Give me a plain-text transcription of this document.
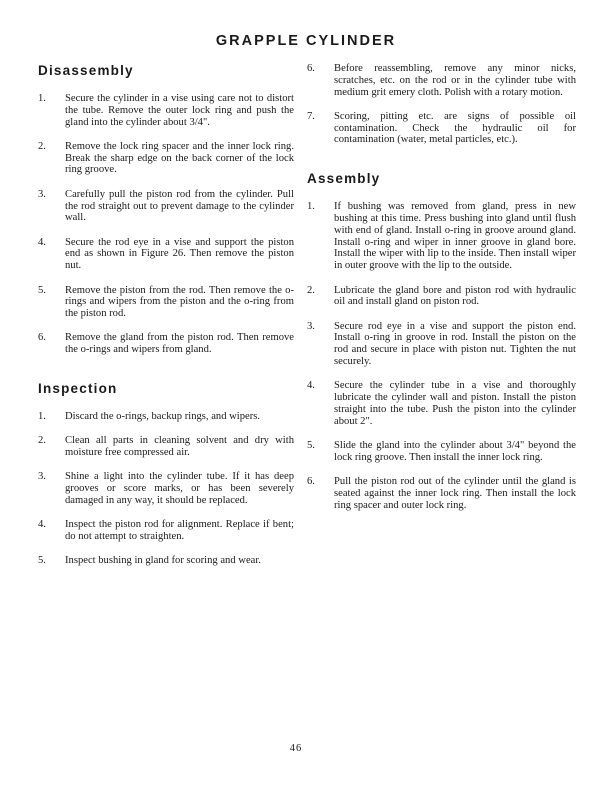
GRAPPLE CYLINDER
Disassembly
1.	Secure the cylinder in a vise using care not to distort the tube. Remove the outer lock ring and push the gland into the cylinder about 3/4".

2.	Remove the lock ring spacer and the inner lock ring. Break the sharp edge on the back corner of the lock ring groove.

3.	Carefully pull the piston rod from the cylinder. Pull the rod straight out to prevent damage to the cylinder wall.

4.	Secure the rod eye in a vise and support the piston end as shown in Figure 26. Then remove the piston nut.

5.	Remove the piston from the rod. Then remove the o-rings and wipers from the piston and the o-ring from the piston rod.

6.	Remove the gland from the piston rod. Then remove the o-rings and wipers from gland.

Inspection
1.	Discard the o-rings, backup rings, and wipers.

2.	Clean all parts in cleaning solvent and dry with moisture free compressed air.

3.	Shine a light into the cylinder tube. If it has deep grooves or score marks, or has been severely damaged in any way, it should be replaced.

4.	Inspect the piston rod for alignment. Replace if bent; do not attempt to straighten.

5.	Inspect bushing in gland for scoring and wear.

6.	Before reassembling, remove any minor nicks, scratches, etc. on the rod or in the cylinder tube with medium grit emery cloth. Polish with a rotary motion.

7.	Scoring, pitting etc. are signs of possible oil contamination. Check the hydraulic oil for contamination (water, metal particles, etc.).

Assembly
1.	If bushing was removed from gland, press in new bushing at this time. Press bushing into gland until flush with end of gland. Install o-ring in groove around gland. Install o-ring and wiper in inner groove in gland bore. Install the wiper with lip to the inside. Then install wiper in outer groove with the lip to the outside.

2.	Lubricate the gland bore and piston rod with hydraulic oil and install gland on piston rod.

3.	Secure rod eye in a vise and support the piston end. Install o-ring in groove in rod. Install the piston on the rod and secure in place with piston nut. Tighten the nut securely.

4.	Secure the cylinder tube in a vise and thoroughly lubricate the cylinder wall and piston. Install the piston straight into the tube. Push the piston into the cylinder about 2".

5.	Slide the gland into the cylinder about 3/4" beyond the lock ring groove. Then install the inner lock ring.

6.	Pull the piston rod out of the cylinder until the gland is seated against the inner lock ring. Then install the lock ring spacer and outer lock ring.

46
